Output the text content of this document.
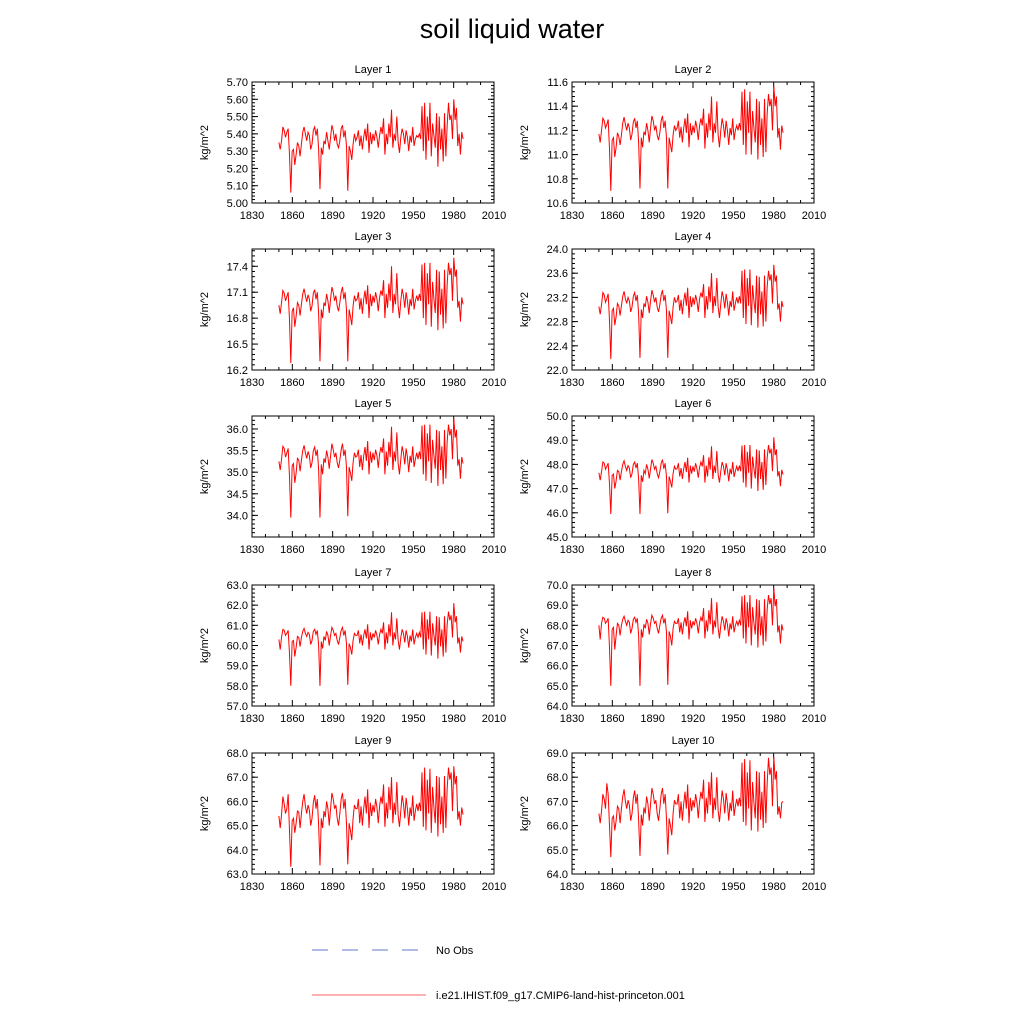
soil liquid water
Layer 1
1830 1860 1890 1920 1950 1980 2010
5.00
5.10
5.20
5.30
5.40
5.50
5.60
5.70
kg/m^2
Layer 2
1830 1860 1890 1920 1950 1980 2010
10.6
10.8
11.0
11.2
11.4
11.6
kg/m^2
Layer 3
1830 1860 1890 1920 1950 1980 2010
16.2
16.5
16.8
17.1
17.4
kg/m^2
Layer 4
1830 1860 1890 1920 1950 1980 2010
22.0
22.4
22.8
23.2
23.6
24.0
kg/m^2
Layer 5
1830 1860 1890 1920 1950 1980 2010
34.0
34.5
35.0
35.5
36.0
kg/m^2
Layer 6
1830 1860 1890 1920 1950 1980 2010
45.0
46.0
47.0
48.0
49.0
50.0
kg/m^2
Layer 7
1830 1860 1890 1920 1950 1980 2010
57.0
58.0
59.0
60.0
61.0
62.0
63.0
kg/m^2
Layer 8
1830 1860 1890 1920 1950 1980 2010
64.0
65.0
66.0
67.0
68.0
69.0
70.0
kg/m^2
Layer 9
1830 1860 1890 1920 1950 1980 2010
63.0
64.0
65.0
66.0
67.0
68.0
kg/m^2
Layer 10
1830 1860 1890 1920 1950 1980 2010
64.0
65.0
66.0
67.0
68.0
69.0
kg/m^2
No Obs
i.e21.IHIST.f09_g17.CMIP6-land-hist-princeton.001
